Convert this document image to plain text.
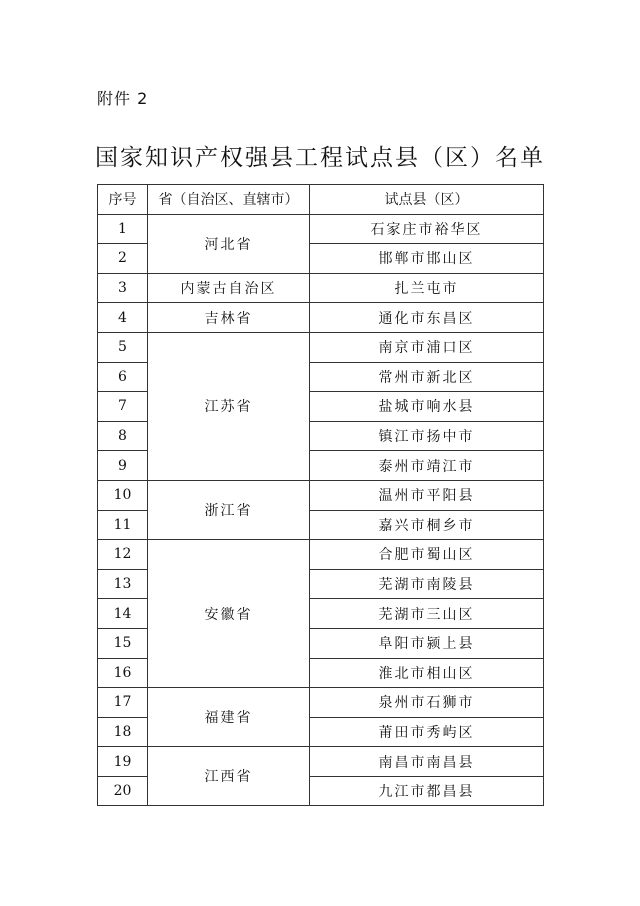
附件 2
国家知识产权强县工程试点县（区）名单
序号	省（自治区、直辖市）	试点县（区）
1	河北省	石家庄市裕华区
2		邯郸市邯山区
3	内蒙古自治区	扎兰屯市
4	吉林省	通化市东昌区
5	江苏省	南京市浦口区
6		常州市新北区
7		盐城市响水县
8		镇江市扬中市
9		泰州市靖江市
10	浙江省	温州市平阳县
11		嘉兴市桐乡市
12	安徽省	合肥市蜀山区
13		芜湖市南陵县
14		芜湖市三山区
15		阜阳市颍上县
16		淮北市相山区
17	福建省	泉州市石狮市
18		莆田市秀屿区
19	江西省	南昌市南昌县
20		九江市都昌县
